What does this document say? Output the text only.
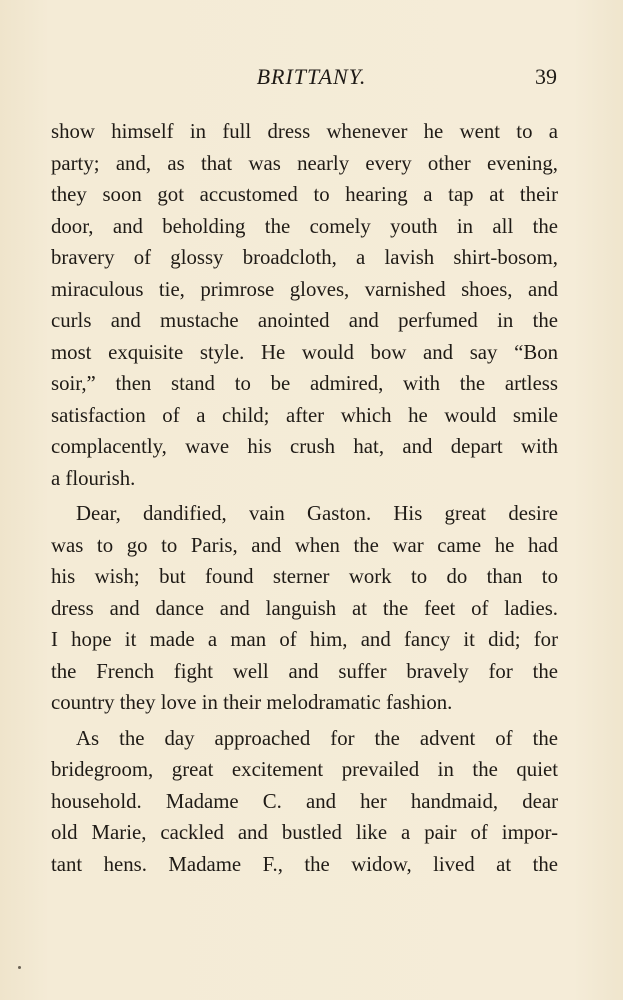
BRITTANY.	39
show himself in full dress whenever he went to a
party; and, as that was nearly every other evening,
they soon got accustomed to hearing a tap at their
door, and beholding the comely youth in all the
bravery of glossy broadcloth, a lavish shirt-bosom,
miraculous tie, primrose gloves, varnished shoes, and
curls and mustache anointed and perfumed in the
most exquisite style. He would bow and say “Bon
soir,” then stand to be admired, with the artless
satisfaction of a child; after which he would smile
complacently, wave his crush hat, and depart with
a flourish.
Dear, dandified, vain Gaston. His great desire
was to go to Paris, and when the war came he had
his wish; but found sterner work to do than to
dress and dance and languish at the feet of ladies.
I hope it made a man of him, and fancy it did; for
the French fight well and suffer bravely for the
country they love in their melodramatic fashion.
As the day approached for the advent of the
bridegroom, great excitement prevailed in the quiet
household. Madame C. and her handmaid, dear
old Marie, cackled and bustled like a pair of impor-
tant hens. Madame F., the widow, lived at the
